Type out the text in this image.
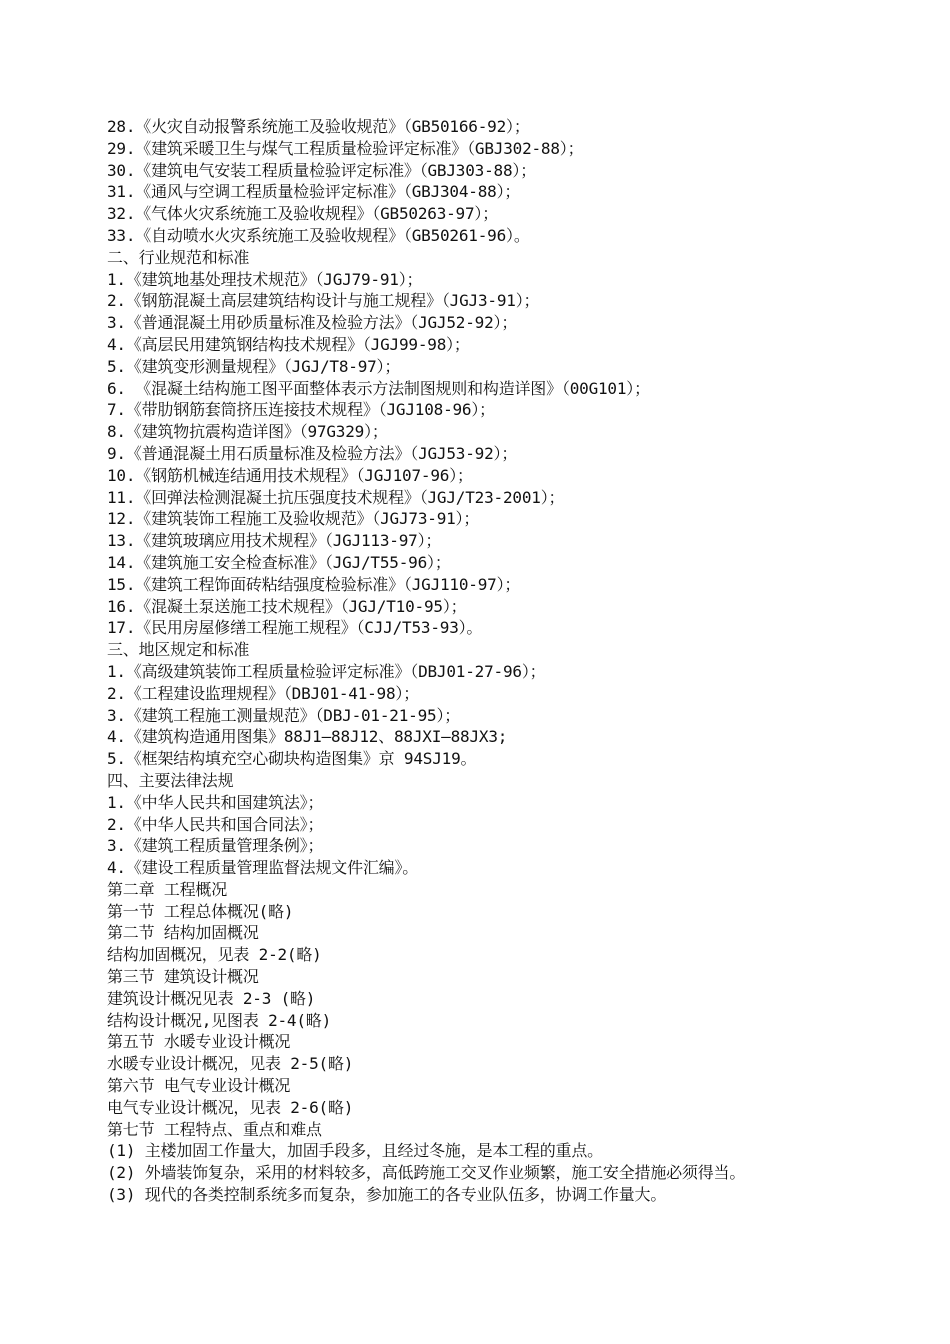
28.《火灾自动报警系统施工及验收规范》（GB50166-92）；
29.《建筑采暖卫生与煤气工程质量检验评定标准》（GBJ302-88）；
30.《建筑电气安装工程质量检验评定标准》（GBJ303-88）；
31.《通风与空调工程质量检验评定标准》（GBJ304-88）；
32.《气体火灾系统施工及验收规程》（GB50263-97）；
33.《自动喷水火灾系统施工及验收规程》（GB50261-96）。
二、行业规范和标准
1.《建筑地基处理技术规范》（JGJ79-91）；
2.《钢筋混凝土高层建筑结构设计与施工规程》（JGJ3-91）；
3.《普通混凝土用砂质量标准及检验方法》（JGJ52-92）；
4.《高层民用建筑钢结构技术规程》（JGJ99-98）；
5.《建筑变形测量规程》（JGJ/T8-97）；
6. 《混凝土结构施工图平面整体表示方法制图规则和构造详图》（00G101）；
7.《带肋钢筋套筒挤压连接技术规程》（JGJ108-96）；
8.《建筑物抗震构造详图》（97G329）；
9.《普通混凝土用石质量标准及检验方法》（JGJ53-92）；
10.《钢筋机械连结通用技术规程》（JGJ107-96）；
11.《回弹法检测混凝土抗压强度技术规程》（JGJ/T23-2001）；
12.《建筑装饰工程施工及验收规范》（JGJ73-91）；
13.《建筑玻璃应用技术规程》（JGJ113-97）；
14.《建筑施工安全检查标准》（JGJ/T55-96）；
15.《建筑工程饰面砖粘结强度检验标准》（JGJ110-97）；
16.《混凝土泵送施工技术规程》（JGJ/T10-95）；
17.《民用房屋修缮工程施工规程》（CJJ/T53-93）。
三、地区规定和标准
1.《高级建筑装饰工程质量检验评定标准》（DBJ01-27-96）；
2.《工程建设监理规程》（DBJ01-41-98）；
3.《建筑工程施工测量规范》（DBJ-01-21-95）；
4.《建筑构造通用图集》88J1—88J12、88JXI—88JX3;
5.《框架结构填充空心砌块构造图集》京 94SJ19。
四、主要法律法规
1.《中华人民共和国建筑法》；
2.《中华人民共和国合同法》；
3.《建筑工程质量管理条例》；
4.《建设工程质量管理监督法规文件汇编》。
第二章 工程概况
第一节 工程总体概况(略)
第二节 结构加固概况
结构加固概况，见表 2-2(略)
第三节 建筑设计概况
建筑设计概况见表 2-3 (略)
结构设计概况,见图表 2-4(略)
第五节 水暖专业设计概况
水暖专业设计概况，见表 2-5(略)
第六节 电气专业设计概况
电气专业设计概况，见表 2-6(略)
第七节 工程特点、重点和难点
(1) 主楼加固工作量大，加固手段多，且经过冬施，是本工程的重点。
(2) 外墙装饰复杂，采用的材料较多，高低跨施工交叉作业频繁，施工安全措施必须得当。
(3) 现代的各类控制系统多而复杂，参加施工的各专业队伍多，协调工作量大。
